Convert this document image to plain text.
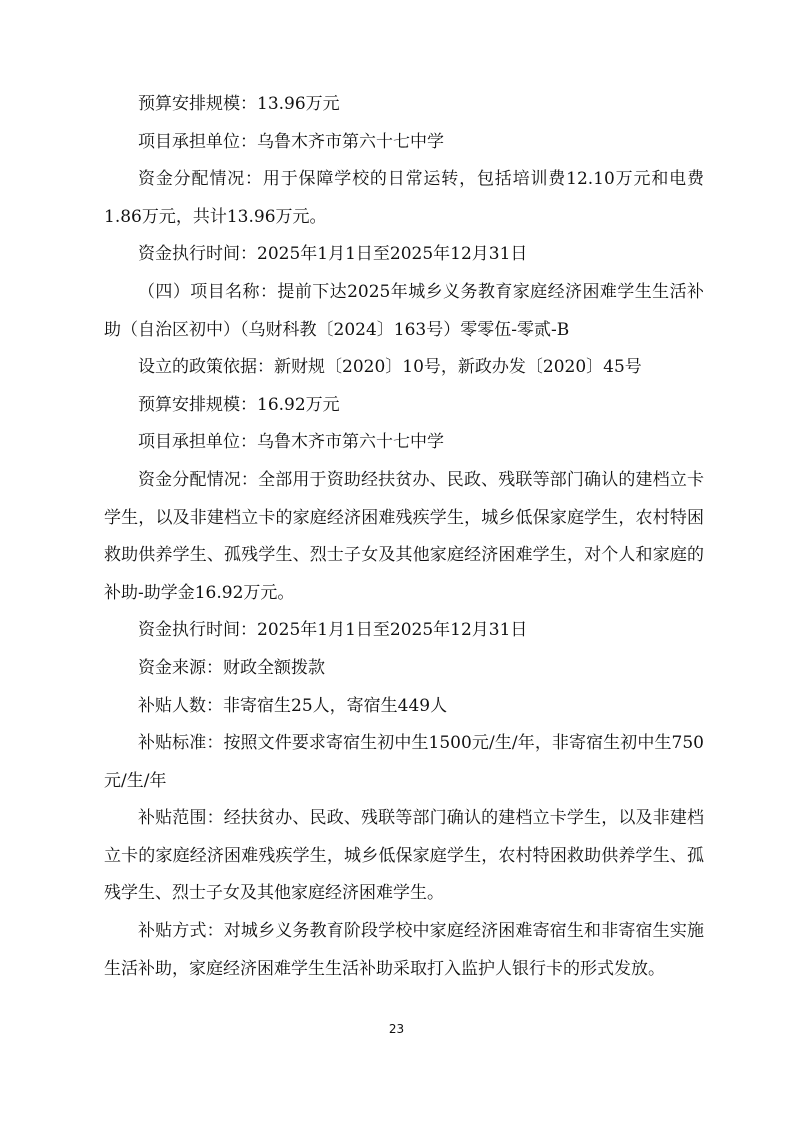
预算安排规模：13.96万元

项目承担单位：乌鲁木齐市第六十七中学

资金分配情况：用于保障学校的日常运转，包括培训费12.10万元和电费1.86万元，共计13.96万元。

资金执行时间：2025年1月1日至2025年12月31日

（四）项目名称：提前下达2025年城乡义务教育家庭经济困难学生生活补助（自治区初中）（乌财科教〔2024〕163号）零零伍-零贰-B

设立的政策依据：新财规〔2020〕10号，新政办发〔2020〕45号

预算安排规模：16.92万元

项目承担单位：乌鲁木齐市第六十七中学

资金分配情况：全部用于资助经扶贫办、民政、残联等部门确认的建档立卡学生，以及非建档立卡的家庭经济困难残疾学生，城乡低保家庭学生，农村特困救助供养学生、孤残学生、烈士子女及其他家庭经济困难学生，对个人和家庭的补助-助学金16.92万元。

资金执行时间：2025年1月1日至2025年12月31日

资金来源：财政全额拨款

补贴人数：非寄宿生25人，寄宿生449人

补贴标准：按照文件要求寄宿生初中生1500元/生/年，非寄宿生初中生750元/生/年

补贴范围：经扶贫办、民政、残联等部门确认的建档立卡学生，以及非建档立卡的家庭经济困难残疾学生，城乡低保家庭学生，农村特困救助供养学生、孤残学生、烈士子女及其他家庭经济困难学生。

补贴方式：对城乡义务教育阶段学校中家庭经济困难寄宿生和非寄宿生实施生活补助，家庭经济困难学生生活补助采取打入监护人银行卡的形式发放。

23
